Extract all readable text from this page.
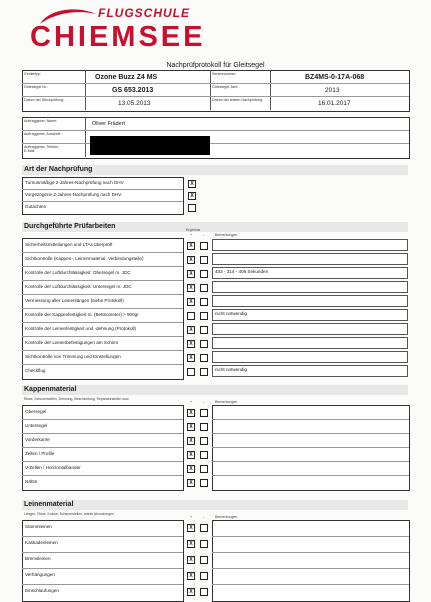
FLUGSCHULE
CHIEMSEE
Nachprüfprotokoll für Gleitsegel
Gerätetyp:	Ozone Buzz Z4 MS
Gütesiegel Nr.:	GS 653.2013
Datum der Stückprüfung:	13.05.2013
Seriennummer:	BZ4MS-0-17A-068
Gütesiegel Jahr:	2013
Datum der letzten Nachprüfung:	16.01.2017
Auftraggeber, Name:	Oliver Frädert
Auftraggeber, Anschrift:
Auftraggeber, Telefon,
E-Mail:
Art der Nachprüfung
Turnusmäßige 2-Jahres-Nachprüfung nach DHV	X
Vorgezogene 2-Jahres-Nachprüfung nach DHV	X
Gutachten
Durchgeführte Prüfarbeiten	Ergebnis
+	-	Bemerkungen
Sicherheitsmitteilungen und LTAs überprüft	X
Sichtkontrolle (Kappen-, Leinenmaterial, Verbindungsteile)	X
Kontrolle der Luftdurchlässigkeit: Obersegel m. JDC	X	433 - 314 - 406 Sekunden
Kontrolle der Luftdurchlässigkeit: Untersegel m. JDC	X
Vermessung aller Leinenlängen (siehe Protokoll)	X
Kontrolle der Kappenfestigkeit m. (Bettsometer) > 900gr	nicht notwendig
Kontrolle der Leinenfestigkeit und -dehnung (Protokoll)	X
Kontrolle der Leinenbefestigungen am Schirm	X
Sichtkontrolle von Trimmung und Einstellungen	X
Checkflug	nicht notwendig
Kappenmaterial
Risse, Scheuerstellen, Dehnung, Beschichtung, Reparaturstellen usw.
+	-	Bemerkungen
Obersegel	X
Untersegel	X
Vorderkante	X
Zellen / Profile	X
V-Zellen / Horizontalbänder	X
Nähte	X
Leinenmaterial
Längen, Risse, Knicke, Scheuerstellen, starke Abnutzungen
+	-	Bemerkungen
Stammleinen	X
Kaskadenleinen	X
Bremsleinen	X
Verhängungen	X
Einschlaufungen	X
